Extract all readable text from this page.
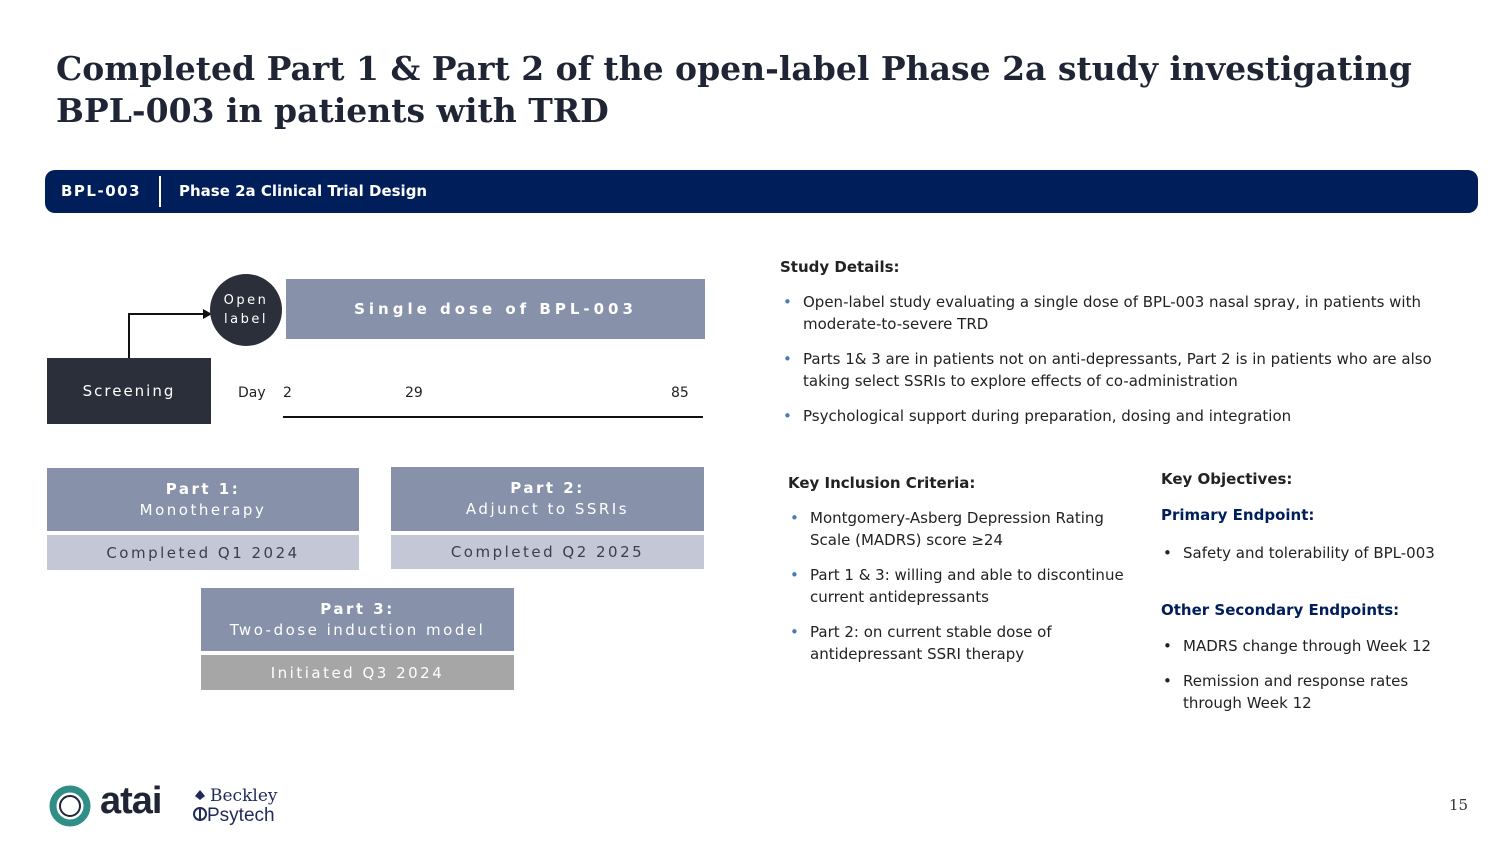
Completed Part 1 & Part 2 of the open-label Phase 2a study investigating BPL-003 in patients with TRD
BPL-003	Phase 2a Clinical Trial Design
Screening
Open
label
Single dose of BPL-003
Day 2	29	85
Part 1:
Monotherapy
Completed Q1 2024
Part 2:
Adjunct to SSRIs
Completed Q2 2025
Part 3:
Two-dose induction model
Initiated Q3 2024
Study Details:
• Open-label study evaluating a single dose of BPL-003 nasal spray, in patients with moderate-to-severe TRD
• Parts 1& 3 are in patients not on anti-depressants, Part 2 is in patients who are also taking select SSRIs to explore effects of co-administration
• Psychological support during preparation, dosing and integration
Key Inclusion Criteria:
• Montgomery-Asberg Depression Rating Scale (MADRS) score ≥24
• Part 1 & 3: willing and able to discontinue current antidepressants
• Part 2: on current stable dose of antidepressant SSRI therapy
Key Objectives:
Primary Endpoint:
• Safety and tolerability of BPL-003
Other Secondary Endpoints:
• MADRS change through Week 12
• Remission and response rates through Week 12
atai	Beckley
Psytech	15
